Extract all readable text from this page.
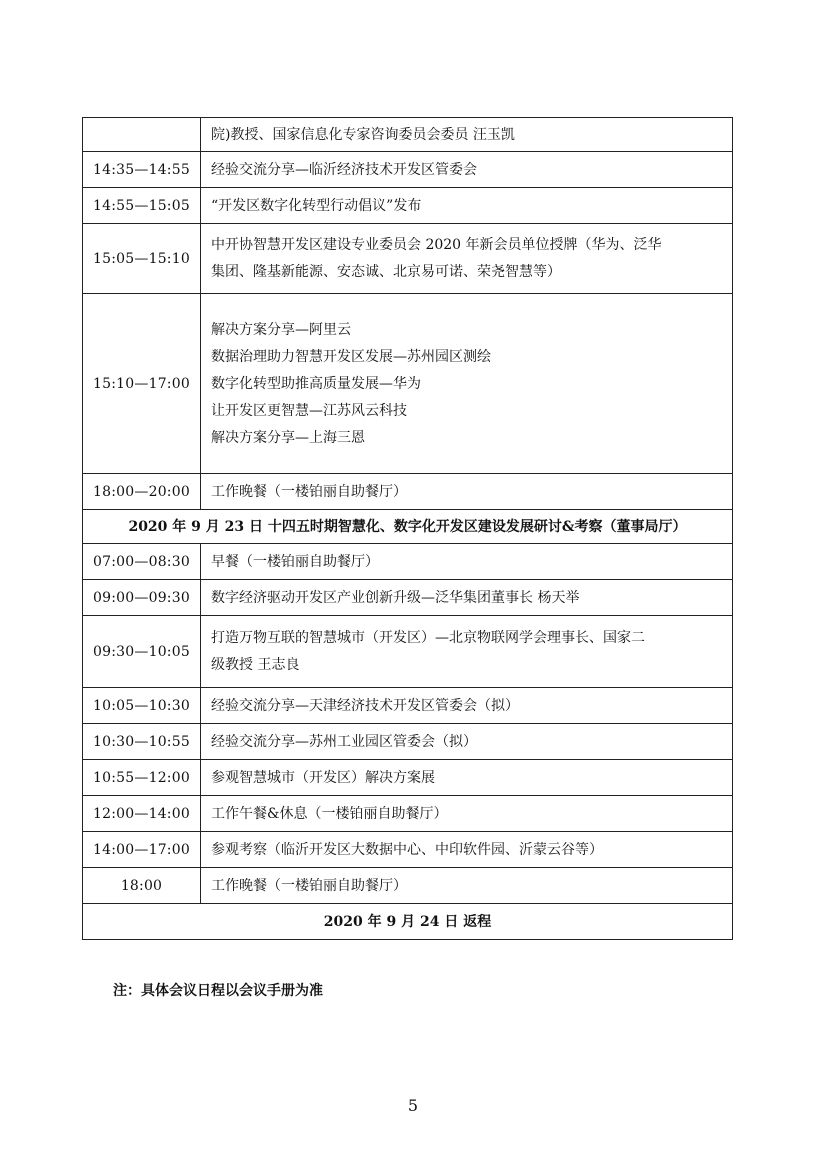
	院)教授、国家信息化专家咨询委员会委员 汪玉凯

14:35—14:55	经验交流分享—临沂经济技术开发区管委会

14:55—15:05	“开发区数字化转型行动倡议”发布

15:05—15:10	中开协智慧开发区建设专业委员会 2020 年新会员单位授牌（华为、泛华
集团、隆基新能源、安态诚、北京易可诺、荣尧智慧等）

15:10—17:00	解决方案分享—阿里云
数据治理助力智慧开发区发展—苏州园区测绘
数字化转型助推高质量发展—华为
让开发区更智慧—江苏风云科技
解决方案分享—上海三恩

18:00—20:00	工作晚餐（一楼铂丽自助餐厅）

2020 年 9 月 23 日 十四五时期智慧化、数字化开发区建设发展研讨&考察（董事局厅）	
07:00—08:30	早餐（一楼铂丽自助餐厅）

09:00—09:30	数字经济驱动开发区产业创新升级—泛华集团董事长 杨天举

09:30—10:05	打造万物互联的智慧城市（开发区）—北京物联网学会理事长、国家二
级教授 王志良

10:05—10:30	经验交流分享—天津经济技术开发区管委会（拟）

10:30—10:55	经验交流分享—苏州工业园区管委会（拟）

10:55—12:00	参观智慧城市（开发区）解决方案展

12:00—14:00	工作午餐&休息（一楼铂丽自助餐厅）

14:00—17:00	参观考察（临沂开发区大数据中心、中印软件园、沂蒙云谷等）

18:00	工作晚餐（一楼铂丽自助餐厅）

2020 年 9 月 24 日 返程	
注：具体会议日程以会议手册为准
5
